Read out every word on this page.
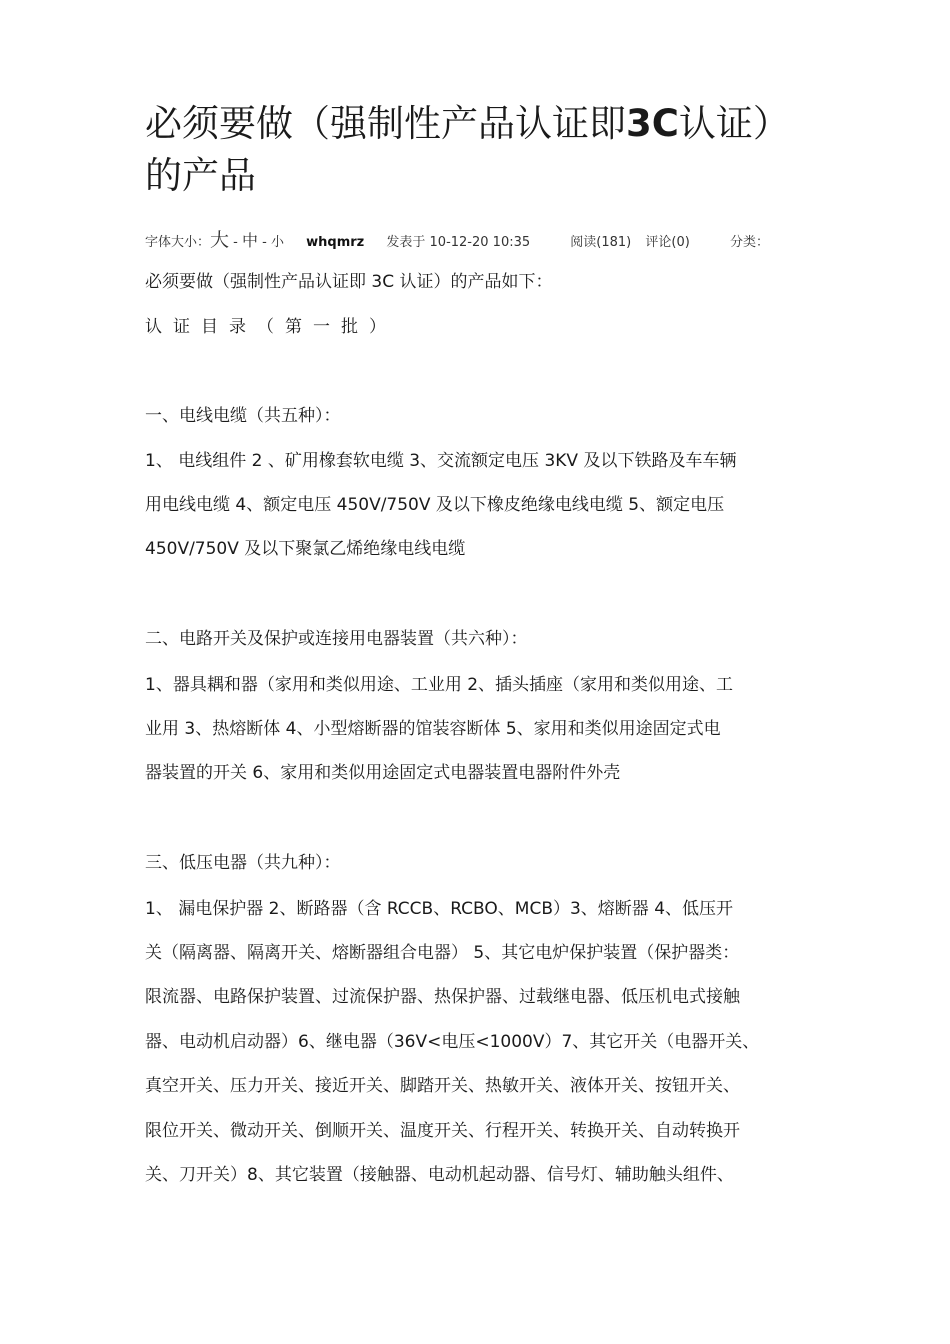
必须要做（强制性产品认证即3C认证）
的产品
字体大小：大 - 中 - 小 whqmrz 发表于 10-12-20 10:35	阅读(181) 评论(0)	分类：
必须要做（强制性产品认证即 3C 认证）的产品如下：
认证目录（第一批）
一、电线电缆（共五种）：
1、 电线组件 2 、矿用橡套软电缆 3、交流额定电压 3KV 及以下铁路及车车辆
用电线电缆 4、额定电压 450V/750V 及以下橡皮绝缘电线电缆 5、额定电压
450V/750V 及以下聚氯乙烯绝缘电线电缆
二、电路开关及保护或连接用电器装置（共六种）：
1、器具耦和器（家用和类似用途、工业用 2、插头插座（家用和类似用途、工
业用 3、热熔断体 4、小型熔断器的馆装容断体 5、家用和类似用途固定式电
器装置的开关 6、家用和类似用途固定式电器装置电器附件外壳
三、低压电器（共九种）：
1、 漏电保护器 2、断路器（含 RCCB、RCBO、MCB）3、熔断器 4、低压开
关（隔离器、隔离开关、熔断器组合电器） 5、其它电炉保护装置（保护器类：
限流器、电路保护装置、过流保护器、热保护器、过载继电器、低压机电式接触
器、电动机启动器）6、继电器（36V<电压<1000V）7、其它开关（电器开关、
真空开关、压力开关、接近开关、脚踏开关、热敏开关、液体开关、按钮开关、
限位开关、微动开关、倒顺开关、温度开关、行程开关、转换开关、自动转换开
关、刀开关）8、其它装置（接触器、电动机起动器、信号灯、辅助触头组件、
